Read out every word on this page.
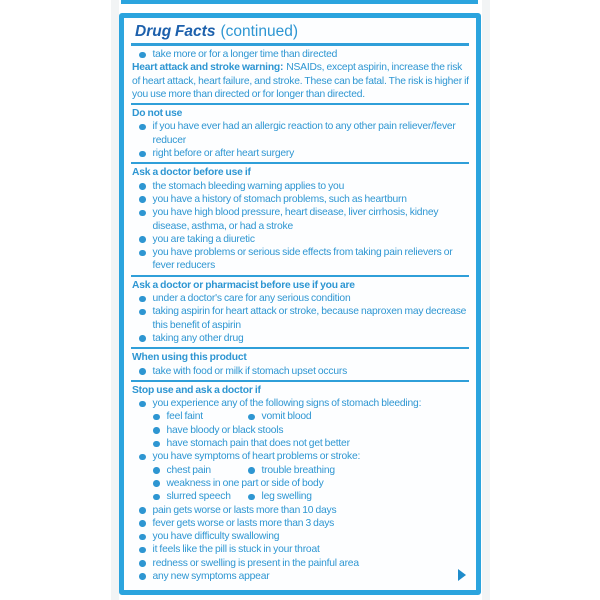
Drug Facts (continued)
take more or for a longer time than directed

Heart attack and stroke warning: NSAIDs, except aspirin, increase the risk of heart attack, heart failure, and stroke. These can be fatal. The risk is higher if you use more than directed or for longer than directed.

Do not use
if you have ever had an allergic reaction to any other pain reliever/fever reducer
right before or after heart surgery
Ask a doctor before use if
the stomach bleeding warning applies to you
you have a history of stomach problems, such as heartburn
you have high blood pressure, heart disease, liver cirrhosis, kidney disease, asthma, or had a stroke
you are taking a diuretic
you have problems or serious side effects from taking pain relievers or fever reducers
Ask a doctor or pharmacist before use if you are
under a doctor's care for any serious condition
taking aspirin for heart attack or stroke, because naproxen may decrease this benefit of aspirin
taking any other drug
When using this product
take with food or milk if stomach upset occurs
Stop use and ask a doctor if
you experience any of the following signs of stomach bleeding:
feel faint	vomit blood
have bloody or black stools
have stomach pain that does not get better
you have symptoms of heart problems or stroke:
chest pain	trouble breathing
weakness in one part or side of body
slurred speech	leg swelling
pain gets worse or lasts more than 10 days
fever gets worse or lasts more than 3 days
you have difficulty swallowing
it feels like the pill is stuck in your throat
redness or swelling is present in the painful area
any new symptoms appear
